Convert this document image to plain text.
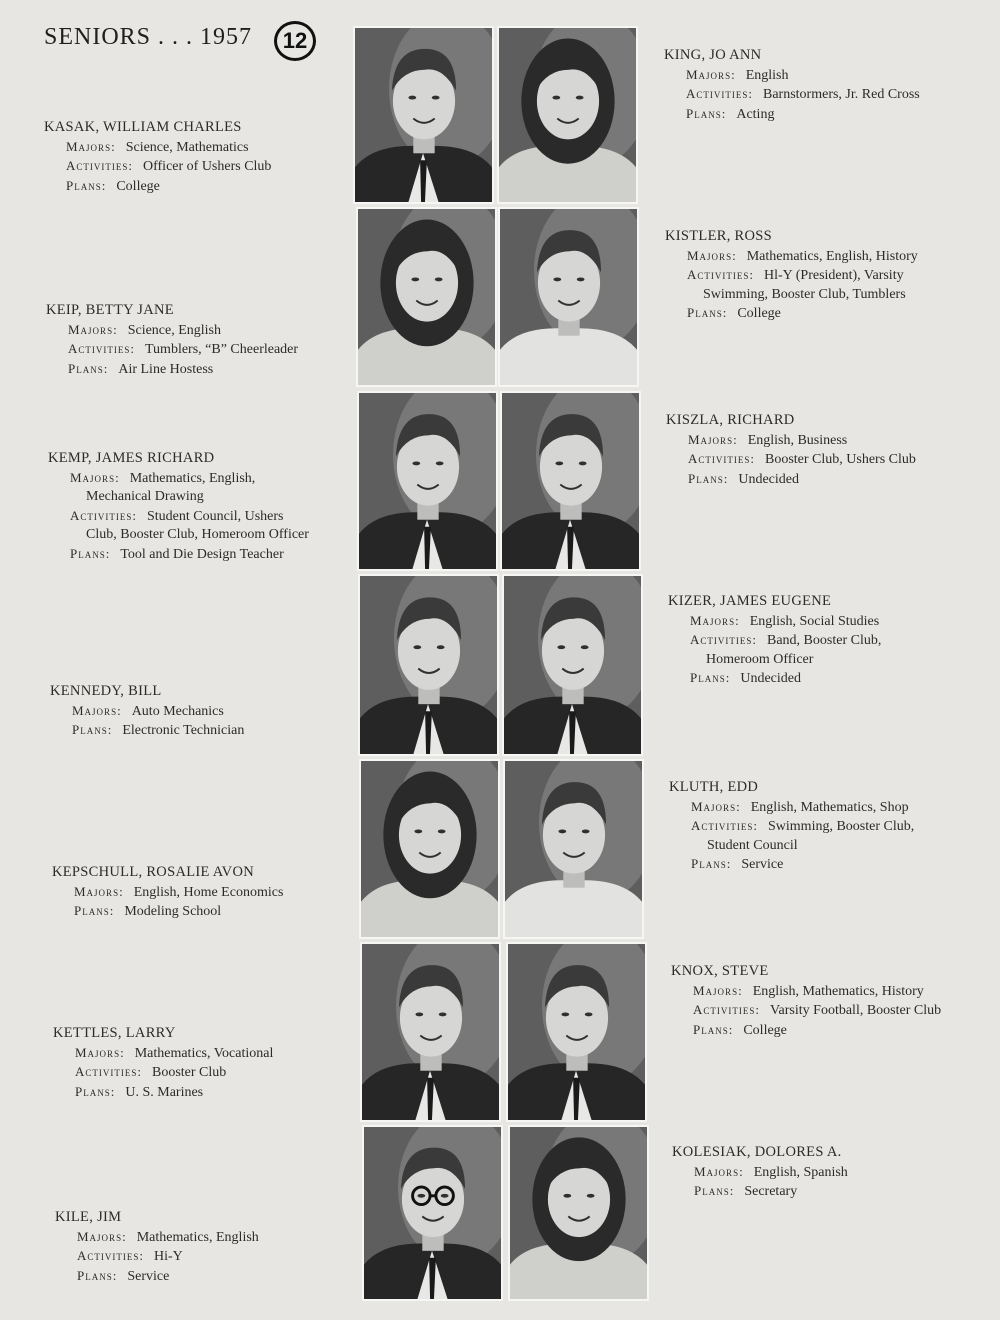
SENIORS . . . 1957	12
KASAK, WILLIAM CHARLES
Majors: Science, Mathematics
Activities: Officer of Ushers Club
Plans: College
KEIP, BETTY JANE
Majors: Science, English
Activities: Tumblers, “B” Cheerleader
Plans: Air Line Hostess
KEMP, JAMES RICHARD
Majors: Mathematics, English,
Mechanical Drawing
Activities: Student Council, Ushers
Club, Booster Club, Homeroom Officer
Plans: Tool and Die Design Teacher
KENNEDY, BILL
Majors: Auto Mechanics
Plans: Electronic Technician
KEPSCHULL, ROSALIE AVON
Majors: English, Home Economics
Plans: Modeling School
KETTLES, LARRY
Majors: Mathematics, Vocational
Activities: Booster Club
Plans: U. S. Marines
KILE, JIM
Majors: Mathematics, English
Activities: Hi-Y
Plans: Service
KING, JO ANN
Majors: English
Activities: Barnstormers, Jr. Red Cross
Plans: Acting
KISTLER, ROSS
Majors: Mathematics, English, History
Activities: Hl-Y (President), Varsity
Swimming, Booster Club, Tumblers
Plans: College
KISZLA, RICHARD
Majors: English, Business
Activities: Booster Club, Ushers Club
Plans: Undecided
KIZER, JAMES EUGENE
Majors: English, Social Studies
Activities: Band, Booster Club,
Homeroom Officer
Plans: Undecided
KLUTH, EDD
Majors: English, Mathematics, Shop
Activities: Swimming, Booster Club,
Student Council
Plans: Service
KNOX, STEVE
Majors: English, Mathematics, History
Activities: Varsity Football, Booster Club
Plans: College
KOLESIAK, DOLORES A.
Majors: English, Spanish
Plans: Secretary
